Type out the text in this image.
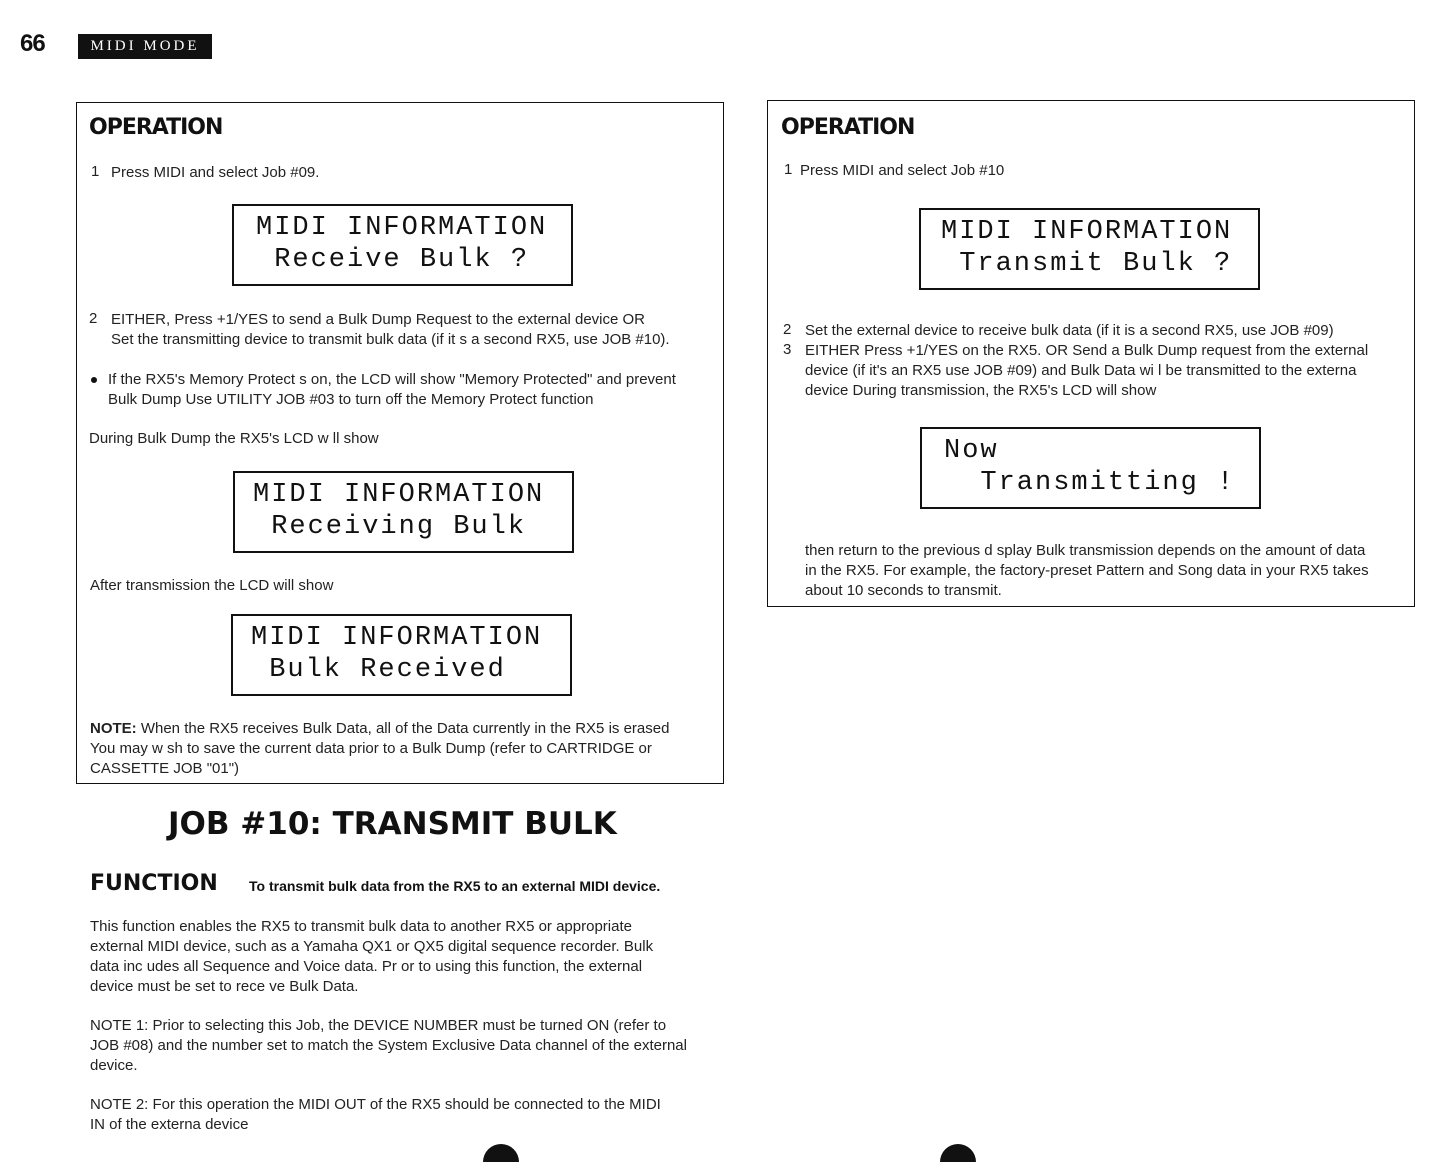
66	MIDI MODE
OPERATION
1 Press MIDI and select Job #09.
MIDI INFORMATION
Receive Bulk ?
2 EITHER, Press +1/YES to send a Bulk Dump Request to the external device OR
Set the transmitting device to transmit bulk data (if it s a second RX5, use JOB #10).
If the RX5's Memory Protect s on, the LCD will show "Memory Protected" and prevent
Bulk Dump Use UTILITY JOB #03 to turn off the Memory Protect function
During Bulk Dump the RX5's LCD w ll show
MIDI INFORMATION
Receiving Bulk
After transmission the LCD will show
MIDI INFORMATION
Bulk Received
NOTE: When the RX5 receives Bulk Data, all of the Data currently in the RX5 is erased
You may w sh to save the current data prior to a Bulk Dump (refer to CARTRIDGE or
CASSETTE JOB "01")
OPERATION
1 Press MIDI and select Job #10
MIDI INFORMATION
Transmit Bulk ?
2 Set the external device to receive bulk data (if it is a second RX5, use JOB #09)
3 EITHER Press +1/YES on the RX5. OR Send a Bulk Dump request from the external
device (if it's an RX5 use JOB #09) and Bulk Data wi l be transmitted to the externa
device During transmission, the RX5's LCD will show
Now
Transmitting !
then return to the previous d splay Bulk transmission depends on the amount of data
in the RX5. For example, the factory-preset Pattern and Song data in your RX5 takes
about 10 seconds to transmit.
JOB #10: TRANSMIT BULK
FUNCTION To transmit bulk data from the RX5 to an external MIDI device.
This function enables the RX5 to transmit bulk data to another RX5 or appropriate
external MIDI device, such as a Yamaha QX1 or QX5 digital sequence recorder. Bulk
data inc udes all Sequence and Voice data. Pr or to using this function, the external
device must be set to rece ve Bulk Data.
NOTE 1: Prior to selecting this Job, the DEVICE NUMBER must be turned ON (refer to
JOB #08) and the number set to match the System Exclusive Data channel of the external
device.
NOTE 2: For this operation the MIDI OUT of the RX5 should be connected to the MIDI
IN of the externa device
